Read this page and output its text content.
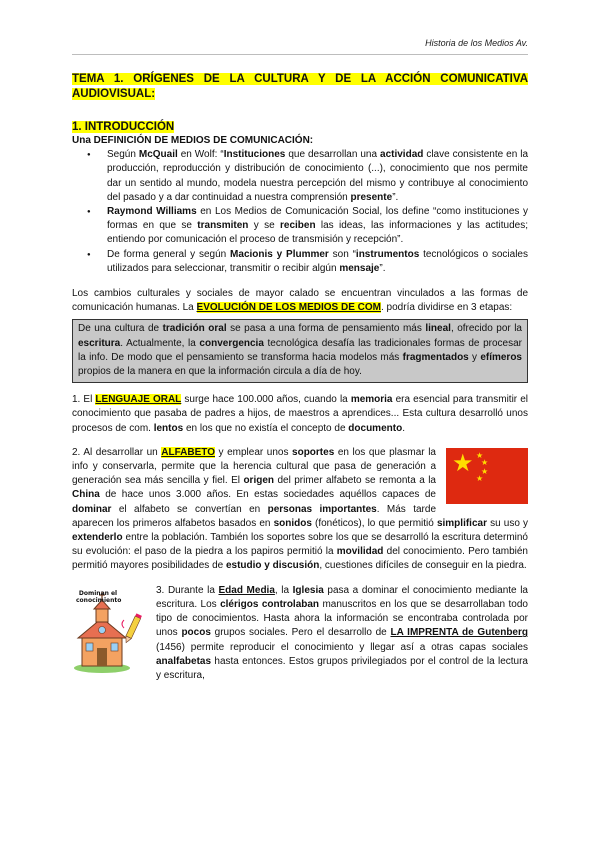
Historia de los Medios Av.

TEMA 1. ORÍGENES DE LA CULTURA Y DE LA ACCIÓN COMUNICATIVA AUDIOVISUAL:

1. INTRODUCCIÓN

Una DEFINICIÓN DE MEDIOS DE COMUNICACIÓN:

● Según McQuail en Wolf: “Instituciones que desarrollan una actividad clave consistente en la producción, reproducción y distribución de conocimiento (...), conocimiento que nos permite dar un sentido al mundo, modela nuestra percepción del mismo y contribuye al conocimiento del pasado y a dar continuidad a nuestra comprensión presente”.
● Raymond Williams en Los Medios de Comunicación Social, los define “como instituciones y formas en que se transmiten y se reciben las ideas, las informaciones y las actitudes; entiendo por comunicación el proceso de transmisión y recepción”.
● De forma general y según Macionis y Plummer son “instrumentos tecnológicos o sociales utilizados para seleccionar, transmitir o recibir algún mensaje”.

Los cambios culturales y sociales de mayor calado se encuentran vinculados a las formas de comunicación humanas. La EVOLUCIÓN DE LOS MEDIOS DE COM. podría dividirse en 3 etapas:

De una cultura de tradición oral se pasa a una forma de pensamiento más lineal, ofrecido por la escritura. Actualmente, la convergencia tecnológica desafía las tradicionales formas de procesar la info. De modo que el pensamiento se transforma hacia modelos más fragmentados y efímeros propios de la manera en que la información circula a día de hoy.

1. El LENGUAJE ORAL surge hace 100.000 años, cuando la memoria era esencial para transmitir el conocimiento que pasaba de padres a hijos, de maestros a aprendices... Esta cultura desarrolló unos procesos de com. lentos en los que no existía el concepto de documento.

★ ★
★
★
★

2. Al desarrollar un ALFABETO y emplear unos soportes en los que plasmar la info y conservarla, permite que la herencia cultural que pasa de generación a generación sea más sencilla y fiel. El origen del primer alfabeto se remonta a la China de hace unos 3.000 años. En estas sociedades aquéllos capaces de dominar el alfabeto se convertían en personas importantes. Más tarde aparecen los primeros alfabetos basados en sonidos (fonéticos), lo que permitió simplificar su uso y extenderlo entre la población. También los soportes sobre los que se desarrolló la escritura determinó su evolución: el paso de la piedra a los papiros permitió la movilidad del conocimiento. Pero también permitió mayores posibilidades de estudio y discusión, cuestiones difíciles de conseguir en la piedra.

Dominan el conocimiento

3. Durante la Edad Media, la Iglesia pasa a dominar el conocimiento mediante la escritura. Los clérigos controlaban manuscritos en los que se desarrollaban todo tipo de conocimientos. Hasta ahora la información se encontraba controlada por unos pocos grupos sociales. Pero el desarrollo de LA IMPRENTA de Gutenberg (1456) permite reproducir el conocimiento y llegar así a otras capas sociales analfabetas hasta entonces. Estos grupos privilegiados por el control de la lectura y escritura,
